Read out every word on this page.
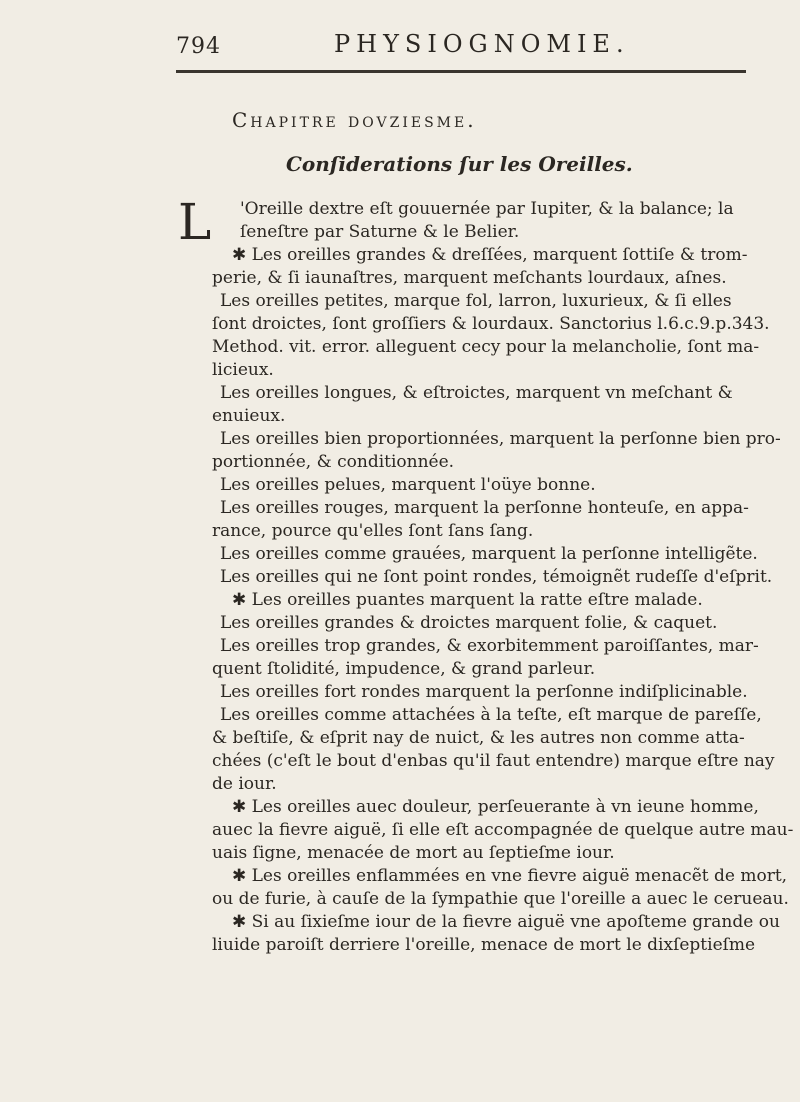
794	PHYSIOGNOMIE.
Chapitre dovziesme.
Conſiderations ſur les Oreilles.
L	'Oreille dextre eſt gouuernée par Iupiter, & la balance; la

ſeneſtre par Saturne & le Belier.

✱ Les oreilles grandes & dreſſées, marquent ſottiſe & trom-

perie, & ſi iaunaſtres, marquent meſchants lourdaux, aſnes.

Les oreilles petites, marque fol, larron, luxurieux, & ſi elles

ſont droictes, ſont groſſiers & lourdaux. Sanctorius l.6.c.9.p.343.

Method. vit. error. alleguent cecy pour la melancholie, ſont ma-

licieux.

Les oreilles longues, & eſtroictes, marquent vn meſchant &

enuieux.

Les oreilles bien proportionnées, marquent la perſonne bien pro-

portionnée, & conditionnée.

Les oreilles pelues, marquent l'oüye bonne.

Les oreilles rouges, marquent la perſonne honteuſe, en appa-

rance, pource qu'elles ſont ſans ſang.

Les oreilles comme grauées, marquent la perſonne intelligẽte.

Les oreilles qui ne ſont point rondes, témoignẽt rudeſſe d'eſprit.

✱ Les oreilles puantes marquent la ratte eſtre malade.

Les oreilles grandes & droictes marquent folie, & caquet.

Les oreilles trop grandes, & exorbitemment paroiſſantes, mar-

quent ſtolidité, impudence, & grand parleur.

Les oreilles fort rondes marquent la perſonne indiſplicinable.

Les oreilles comme attachées à la teſte, eſt marque de pareſſe,

& beſtiſe, & eſprit nay de nuict, & les autres non comme atta-

chées (c'eſt le bout d'enbas qu'il faut entendre) marque eſtre nay

de iour.

✱ Les oreilles auec douleur, perſeuerante à vn ieune homme,

auec la fievre aiguë, ſi elle eſt accompagnée de quelque autre mau-

uais ſigne, menacée de mort au ſeptieſme iour.

✱ Les oreilles enflammées en vne fievre aiguë menacẽt de mort,

ou de furie, à cauſe de la ſympathie que l'oreille a auec le cerueau.

✱ Si au ſixieſme iour de la fievre aiguë vne apoſteme grande ou

liuide paroiſt derriere l'oreille, menace de mort le dixſeptieſme
